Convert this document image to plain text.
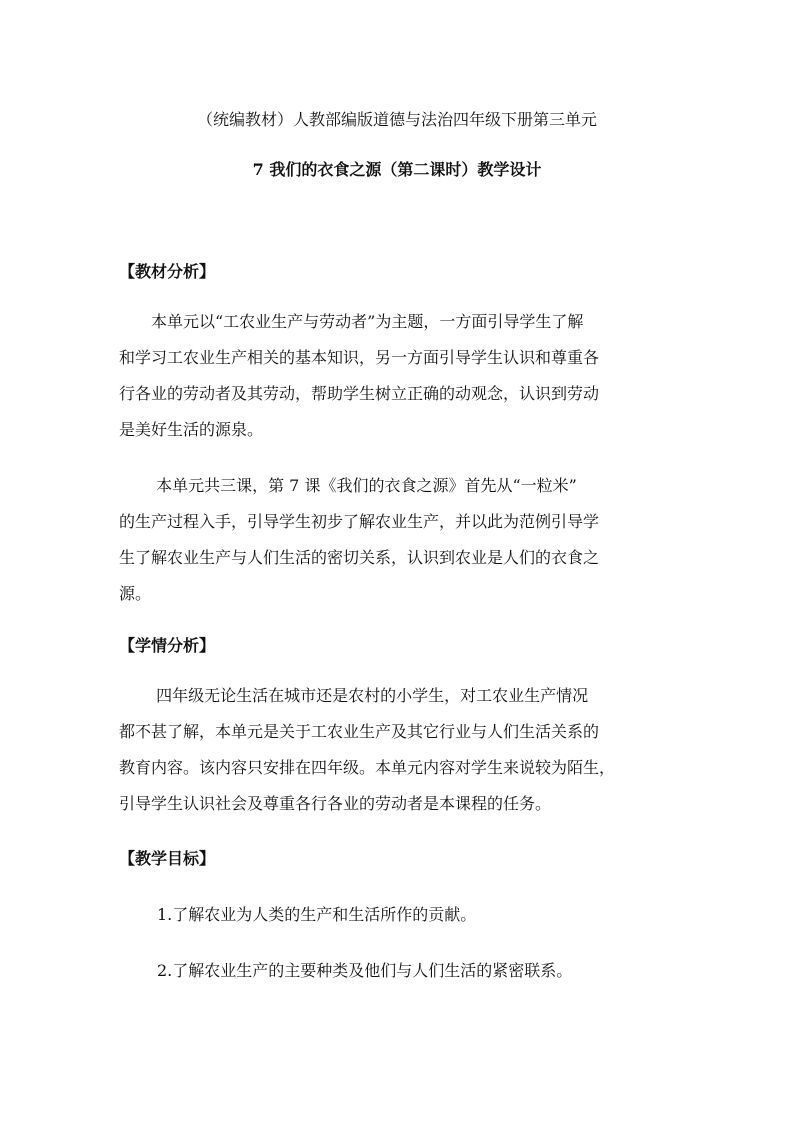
（统编教材）人教部编版道德与法治四年级下册第三单元
7 我们的衣食之源（第二课时）教学设计
【教材分析】
　　本单元以“工农业生产与劳动者”为主题，一方面引导学生了解
和学习工农业生产相关的基本知识，另一方面引导学生认识和尊重各
行各业的劳动者及其劳动，帮助学生树立正确的动观念，认识到劳动
是美好生活的源泉。
　　 本单元共三课，第 7 课《我们的衣食之源》首先从“一粒米”
的生产过程入手，引导学生初步了解农业生产，并以此为范例引导学
生了解农业生产与人们生活的密切关系，认识到农业是人们的衣食之
源。
【学情分析】
　　 四年级无论生活在城市还是农村的小学生，对工农业生产情况
都不甚了解，本单元是关于工农业生产及其它行业与人们生活关系的
教育内容。该内容只安排在四年级。本单元内容对学生来说较为陌生，
引导学生认识社会及尊重各行各业的劳动者是本课程的任务。
【教学目标】
1.了解农业为人类的生产和生活所作的贡献。
2.了解农业生产的主要种类及他们与人们生活的紧密联系。
